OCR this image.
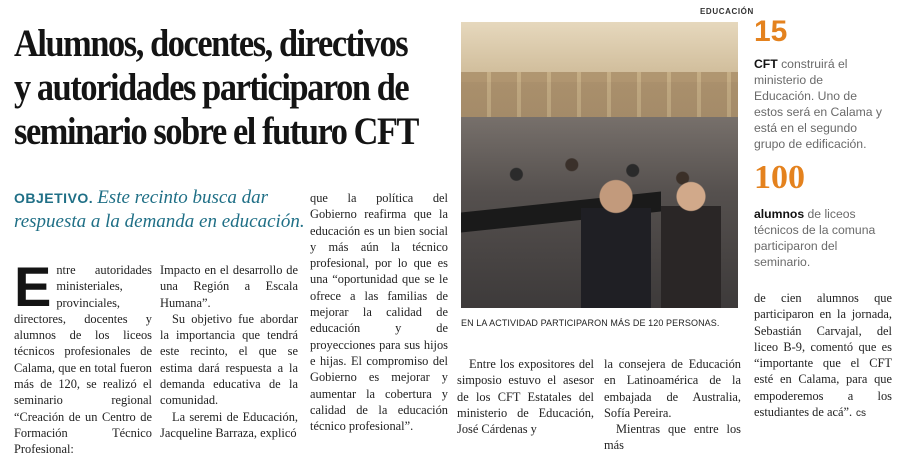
EDUCACIÓN
Alumnos, docentes, directivos
y autoridades participaron de
seminario sobre el futuro CFT
OBJETIVO. Este recinto busca dar respuesta a la demanda en educación.
Entre autoridades ministeriales, provinciales, directores, docentes y alumnos de los liceos técnicos profesionales de Calama, que en total fueron más de 120, se realizó el seminario regional “Creación de un Centro de Formación Técnico Profesional:

Impacto en el desarrollo de una Región a Escala Humana”.

Su objetivo fue abordar la importancia que tendrá este recinto, el que se estima dará respuesta a la demanda educativa de la comunidad.

La seremi de Educación, Jacqueline Barraza, explicó

que la política del Gobierno reafirma que la educación es un bien social y más aún la técnico profesional, por lo que es una “oportunidad que se le ofrece a las familias de mejorar la calidad de educación y de proyecciones para sus hijos e hijas. El compromiso del Gobierno es mejorar y aumentar la cobertura y calidad de la educación técnico profesional”.

EN LA ACTIVIDAD PARTICIPARON MÁS DE 120 PERSONAS.

Entre los expositores del simposio estuvo el asesor de los CFT Estatales del ministerio de Educación, José Cárdenas y

la consejera de Educación en Latinoamérica de la embajada de Australia, Sofía Pereira.

Mientras que entre los más

15
CFT construirá el ministerio de Educación. Uno de estos será en Calama y está en el segundo grupo de edificación.
100
alumnos de liceos técnicos de la comuna participaron del seminario.

de cien alumnos que participaron en la jornada, Sebastián Carvajal, del liceo B-9, comentó que es “importante que el CFT esté en Calama, para que empoderemos a los estudiantes de acá”. cs
